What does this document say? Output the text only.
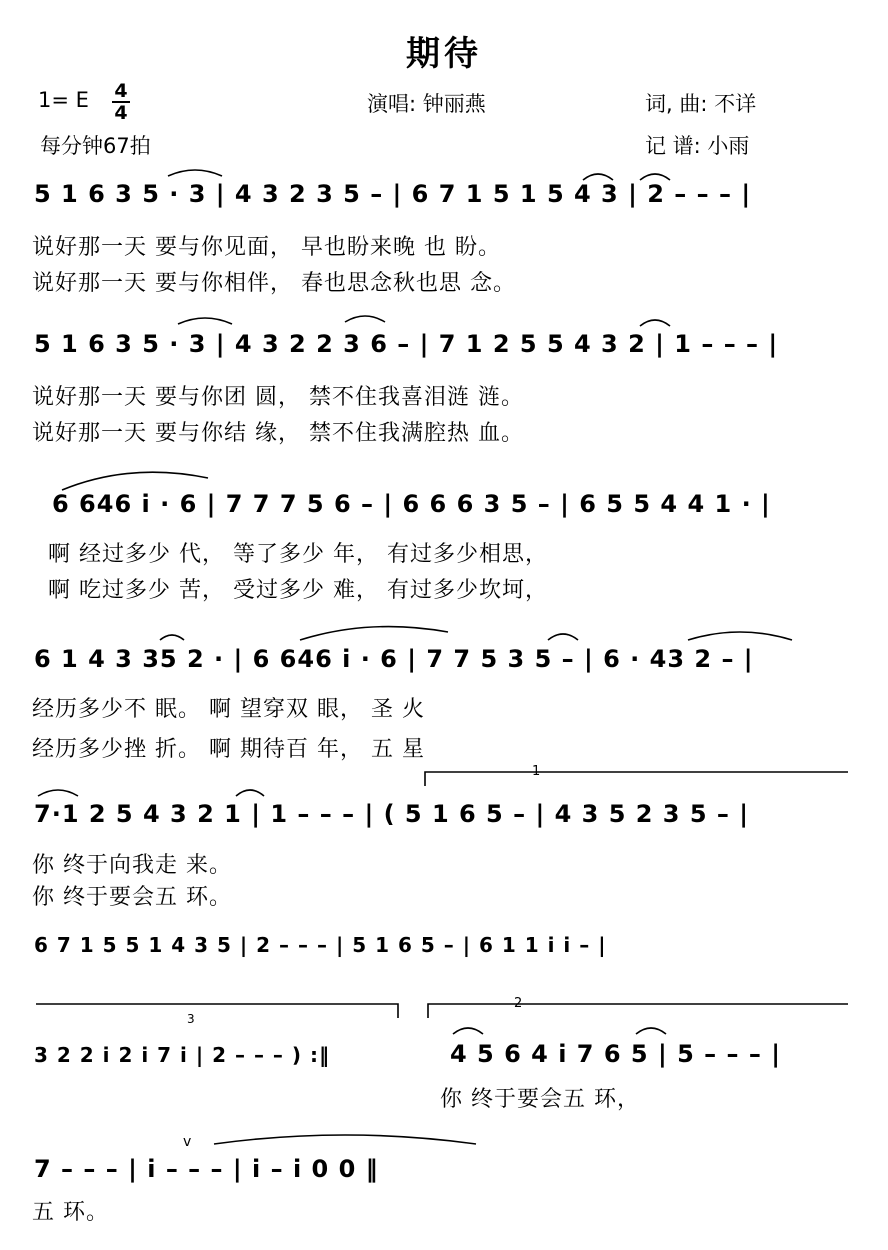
期待
1= E 4
4
每分钟67拍
演唱: 钟丽燕	词, 曲: 不详
记 谱: 小雨
5 1 6 3 5 · 3 | 4 3 2 3 5 – | 6 7 1 5 1 5 4 3 | 2 – – – |
说好那一天 要与你见面， 早也盼来晚 也 盼。
说好那一天 要与你相伴， 春也思念秋也思 念。
5 1 6 3 5 · 3 | 4 3 2 2 3 6 – | 7 1 2 5 5 4 3 2 | 1 – – – |
说好那一天 要与你团 圆， 禁不住我喜泪涟 涟。
说好那一天 要与你结 缘， 禁不住我满腔热 血。
6 646 i · 6 | 7 7 7 5 6 – | 6 6 6 3 5 – | 6 5 5 4 4 1 · |
啊 经过多少 代， 等了多少 年， 有过多少相思，
啊 吃过多少 苦， 受过多少 难， 有过多少坎坷，
6 1 4 3 35 2 · | 6 646 i · 6 | 7 7 5 3 5 – | 6 · 43 2 – |
经历多少不 眠。 啊 望穿双 眼， 圣 火
经历多少挫 折。 啊 期待百 年， 五 星
1
7·1 2 5 4 3 2 1 | 1 – – – | ( 5 1 6 5 – | 4 3 5 2 3 5 – |
你 终于向我走 来。
你 终于要会五 环。
6 7 1 5 5 1 4 3 5 | 2 – – – | 5 1 6 5 – | 6 1 1 i i – |
2
3
3 2 2 i 2 i 7 i | 2 – – – ) :‖	4 5 6 4 i 7 6 5 | 5 – – – |
你 终于要会五 环，
v
7 – – – | i – – – | i – i 0 0 ‖
五 环。
